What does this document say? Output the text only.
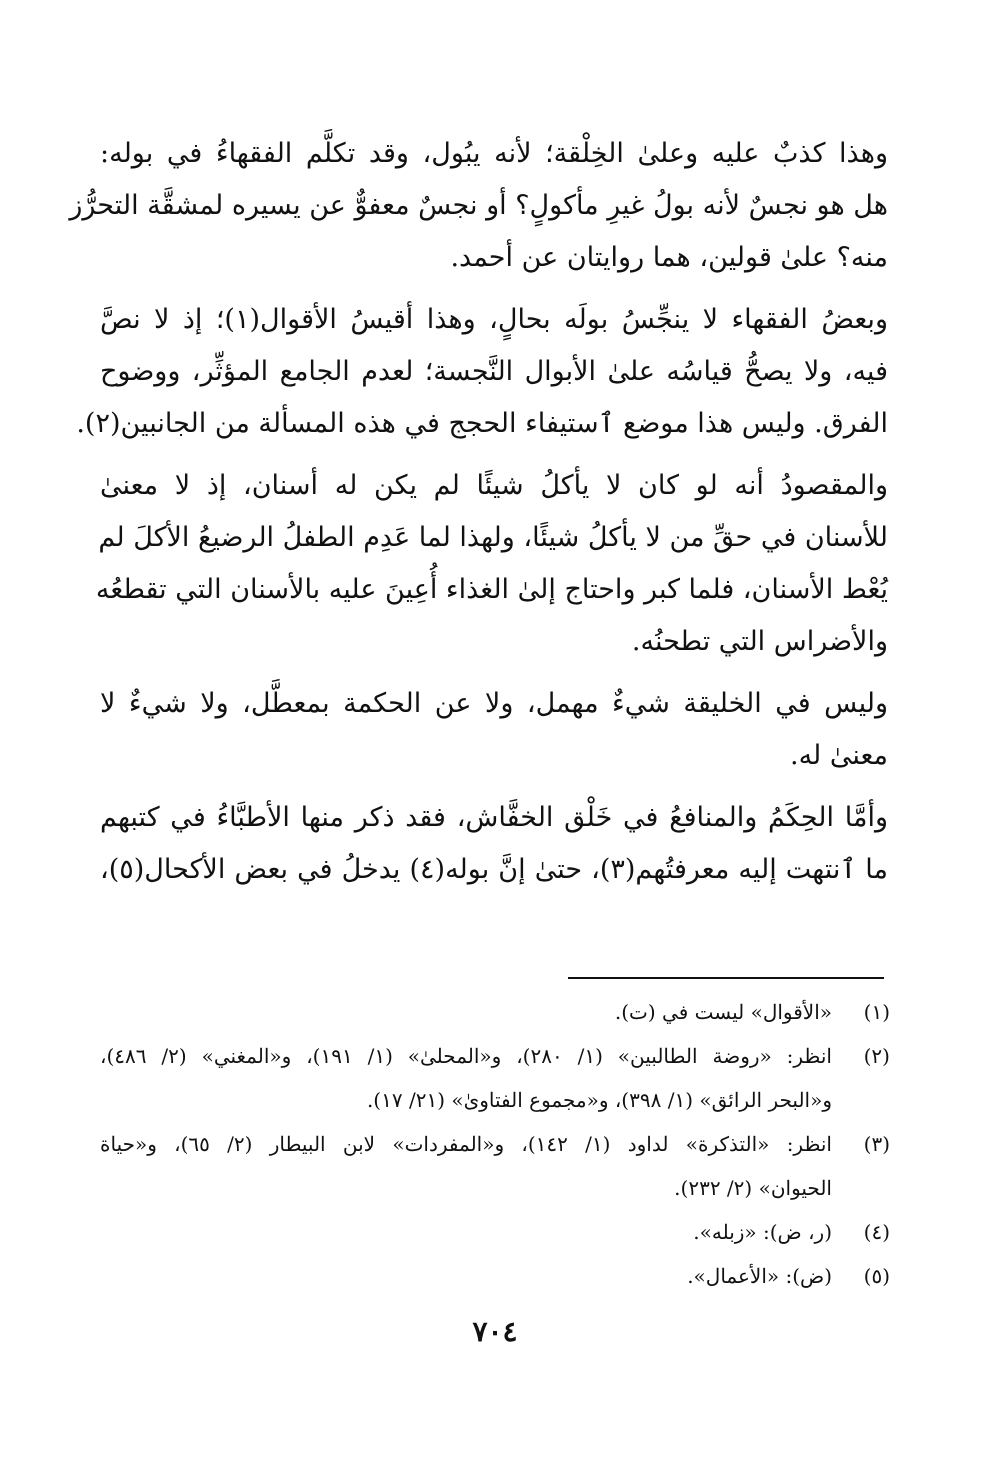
وهذا كذبٌ عليه وعلىٰ الخِلْقة؛ لأنه يبُول، وقد تكلَّم الفقهاءُ في بوله:
هل هو نجسٌ لأنه بولُ غيرِ مأكولٍ؟ أو نجسٌ معفوٌّ عن يسيره لمشقَّة التحرُّز
منه؟ علىٰ قولين، هما روايتان عن أحمد.

وبعضُ الفقهاء لا ينجِّسُ بولَه بحالٍ، وهذا أقيسُ الأقوال(١)؛ إذ لا نصَّ
فيه، ولا يصحُّ قياسُه علىٰ الأبوال النَّجسة؛ لعدم الجامع المؤثِّر، ووضوح
الفرق. وليس هذا موضع ٱستيفاء الحجج في هذه المسألة من الجانبين(٢).

والمقصودُ أنه لو كان لا يأكلُ شيئًا لم يكن له أسنان، إذ لا معنىٰ
للأسنان في حقِّ من لا يأكلُ شيئًا، ولهذا لما عَدِم الطفلُ الرضيعُ الأكلَ لم
يُعْط الأسنان، فلما كبر واحتاج إلىٰ الغذاء أُعِينَ عليه بالأسنان التي تقطعُه
والأضراس التي تطحنُه.

وليس في الخليقة شيءٌ مهمل، ولا عن الحكمة بمعطَّل، ولا شيءٌ لا
معنىٰ له.

وأمَّا الحِكَمُ والمنافعُ في خَلْق الخفَّاش، فقد ذكر منها الأطبَّاءُ في كتبهم
ما ٱنتهت إليه معرفتُهم(٣)، حتىٰ إنَّ بوله(٤) يدخلُ في بعض الأكحال(٥)،

(١)«الأقوال» ليست في (ت).
(٢)انظر: «روضة الطالبين» (١/ ٢٨٠)، و«المحلىٰ» (١/ ١٩١)، و«المغني» (٢/ ٤٨٦)،
و«البحر الرائق» (١/ ٣٩٨)، و«مجموع الفتاوىٰ» (٢١/ ١٧).
(٣)انظر: «التذكرة» لداود (١/ ١٤٢)، و«المفردات» لابن البيطار (٢/ ٦٥)، و«حياة
الحيوان» (٢/ ٢٣٢).
(٤)(ر، ض): «زبله».
(٥)(ض): «الأعمال».
٧٠٤
